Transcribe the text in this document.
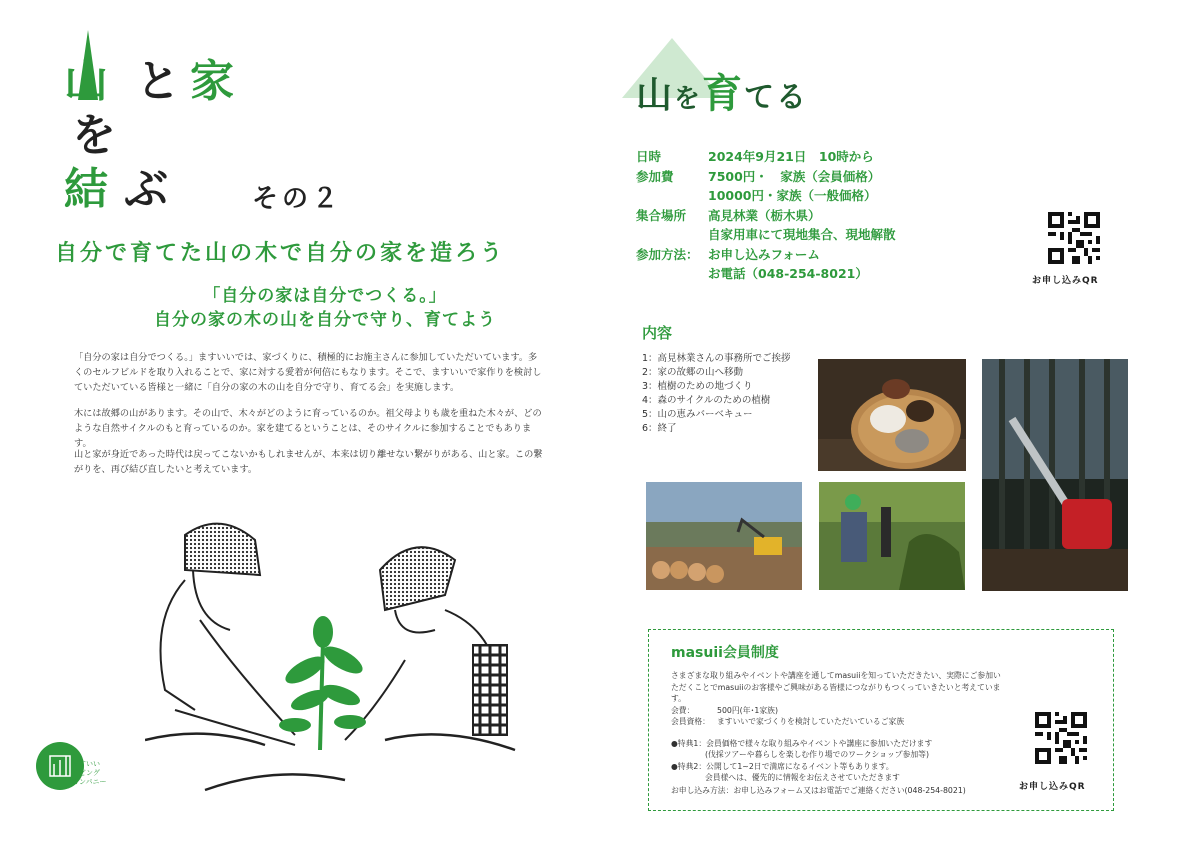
山 と 家
を
結 ぶ	その２
自分で育てた山の木で自分の家を造ろう
「自分の家は自分でつくる。」
自分の家の木の山を自分で守り、育てよう
「自分の家は自分でつくる。」ますいいでは、家づくりに、積極的にお施主さんに参加していただいています。多くのセルフビルドを取り入れることで、家に対する愛着が何倍にもなります。そこで、ますいいで家作りを検討していただいている皆様と一緒に「自分の家の木の山を自分で守り、育てる会」を実施します。
木には故郷の山があります。その山で、木々がどのように育っているのか。祖父母よりも歳を重ねた木々が、どのような自然サイクルのもと育っているのか。家を建てるということは、そのサイクルに参加することでもあります。
山と家が身近であった時代は戻ってこないかもしれませんが、本来は切り離せない繋がりがある、山と家。この繋がりを、再び結び直したいと考えています。
ますいい
リビング
カンパニー
山を育てる
日時	2024年9月21日　10時から
参加費	7500円・　家族（会員価格）
10000円・家族（一般価格）
集合場所	高見林業（栃木県）
自家用車にて現地集合、現地解散
参加方法： お申し込みフォーム
お電話（048-254-8021）	お申し込みQR
内容
1：高見林業さんの事務所でご挨拶
2：家の故郷の山へ移動
3：植樹のための地づくり
4：森のサイクルのための植樹
5：山の恵みバーベキュー
6：終了
masuii会員制度
さまざまな取り組みやイベントや講座を通してmasuiiを知っていただきたい、実際にご参加いただくことでmasuiiのお客様やご興味がある皆様につながりもつくっていきたいと考えています。
会費：	500円(年･1家族)
会員資格： ますいいで家づくりを検討していただいているご家族
●特典1：会員価格で様々な取り組みやイベントや講座に参加いただけます
(伐採ツアーや暮らしを楽しむ作り場でのワークショップ参加等)
●特典2：公開して1~2日で満席になるイベント等もあります。
会員様へは、優先的に情報をお伝えさせていただきます
お申し込み方法：お申し込みフォーム又はお電話でご連絡ください(048-254-8021)	お申し込みQR
